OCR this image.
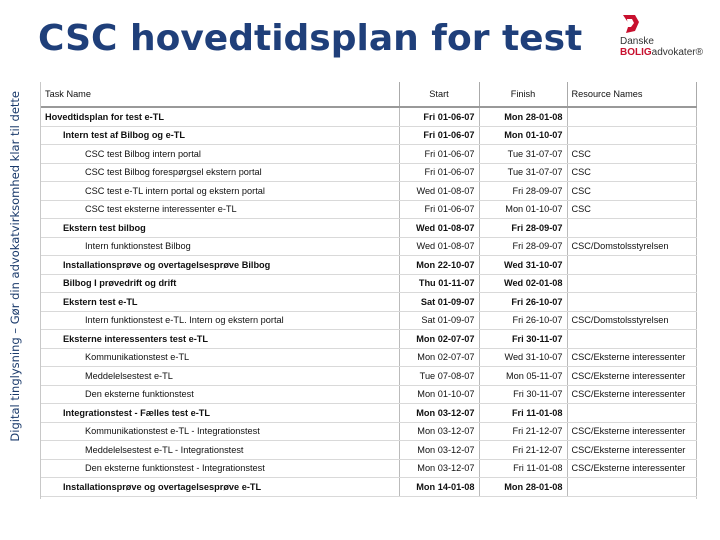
Digital tinglysning – Gør din advokatvirksomhed klar til dette
CSC hovedtidsplan for test	Danske
BOLIGadvokater®
Task Name	Start	Finish	Resource Names
Hovedtidsplan for test e-TL	Fri 01-06-07	Mon 28-01-08	
Intern test af Bilbog og e-TL	Fri 01-06-07	Mon 01-10-07	
CSC test Bilbog intern portal	Fri 01-06-07	Tue 31-07-07	CSC
CSC test Bilbog forespørgsel ekstern portal	Fri 01-06-07	Tue 31-07-07	CSC
CSC test e-TL intern portal og ekstern portal	Wed 01-08-07	Fri 28-09-07	CSC
CSC test eksterne interessenter e-TL	Fri 01-06-07	Mon 01-10-07	CSC
Ekstern test bilbog	Wed 01-08-07	Fri 28-09-07	
Intern funktionstest Bilbog	Wed 01-08-07	Fri 28-09-07	CSC/Domstolsstyrelsen
Installationsprøve og overtagelsesprøve Bilbog	Mon 22-10-07	Wed 31-10-07	
Bilbog I prøvedrift og drift	Thu 01-11-07	Wed 02-01-08	
Ekstern test e-TL	Sat 01-09-07	Fri 26-10-07	
Intern funktionstest e-TL. Intern og ekstern portal	Sat 01-09-07	Fri 26-10-07	CSC/Domstolsstyrelsen
Eksterne interessenters test e-TL	Mon 02-07-07	Fri 30-11-07	
Kommunikationstest e-TL	Mon 02-07-07	Wed 31-10-07	CSC/Eksterne interessenter
Meddelelsestest e-TL	Tue 07-08-07	Mon 05-11-07	CSC/Eksterne interessenter
Den eksterne funktionstest	Mon 01-10-07	Fri 30-11-07	CSC/Eksterne interessenter
Integrationstest - Fælles test e-TL	Mon 03-12-07	Fri 11-01-08	
Kommunikationstest e-TL - Integrationstest	Mon 03-12-07	Fri 21-12-07	CSC/Eksterne interessenter
Meddelelsestest e-TL - Integrationstest	Mon 03-12-07	Fri 21-12-07	CSC/Eksterne interessenter
Den eksterne funktionstest - Integrationstest	Mon 03-12-07	Fri 11-01-08	CSC/Eksterne interessenter
Installationsprøve og overtagelsesprøve e-TL	Mon 14-01-08	Mon 28-01-08	
